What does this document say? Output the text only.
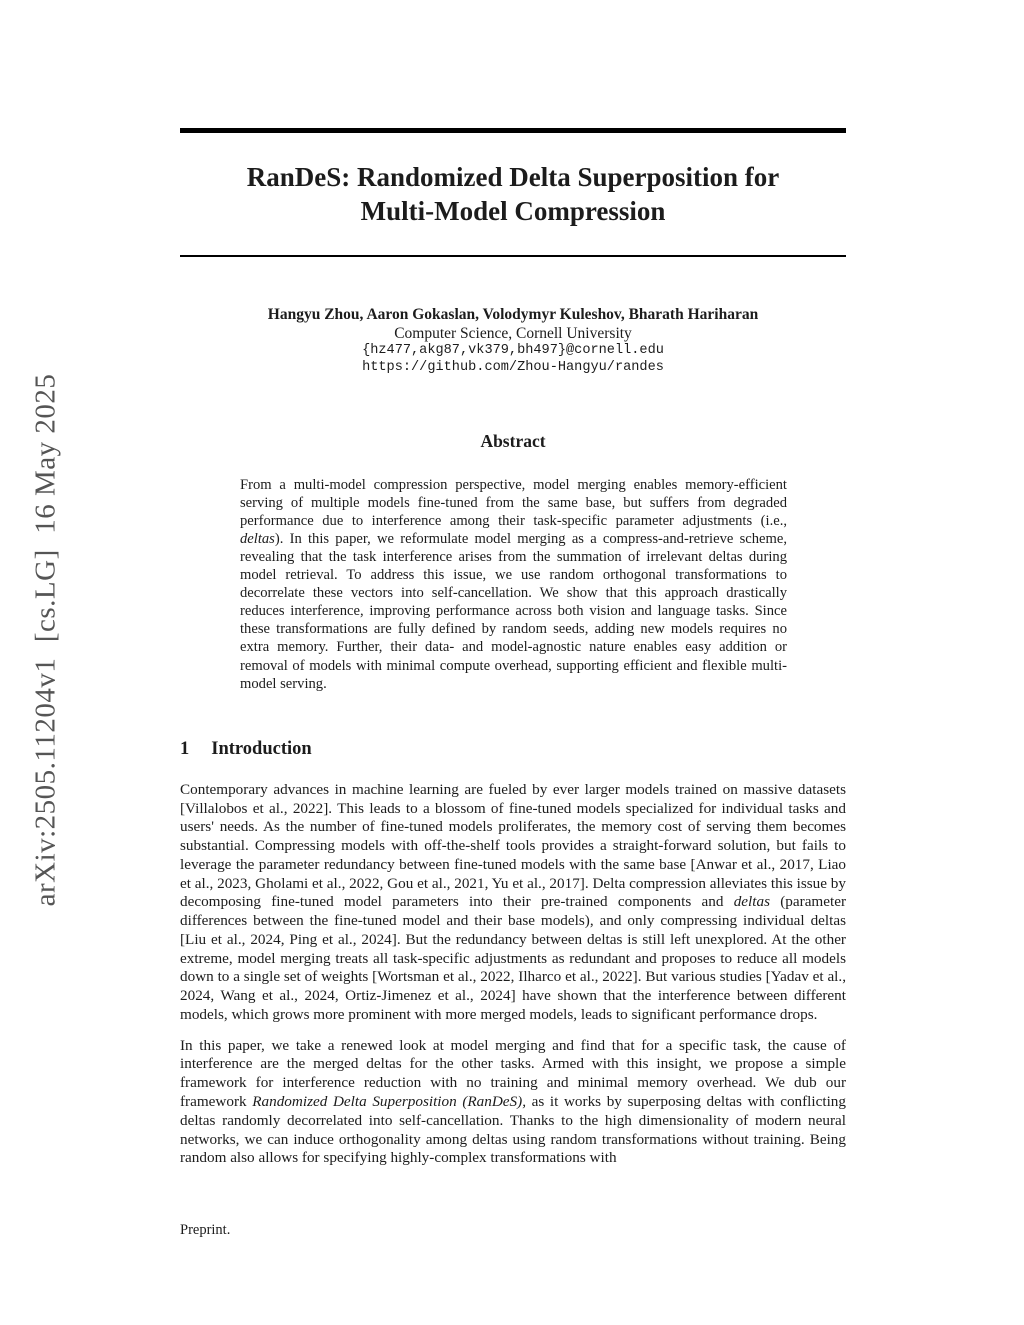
arXiv:2505.11204v1  [cs.LG]  16 May 2025
RanDeS: Randomized Delta Superposition for
Multi-Model Compression
Hangyu Zhou, Aaron Gokaslan, Volodymyr Kuleshov, Bharath Hariharan
Computer Science, Cornell University
{hz477,akg87,vk379,bh497}@cornell.edu
https://github.com/Zhou-Hangyu/randes
Abstract

From a multi-model compression perspective, model merging enables memory-efficient serving of multiple models fine-tuned from the same base, but suffers from degraded performance due to interference among their task-specific parameter adjustments (i.e., deltas). In this paper, we reformulate model merging as a compress-and-retrieve scheme, revealing that the task interference arises from the summation of irrelevant deltas during model retrieval. To address this issue, we use random orthogonal transformations to decorrelate these vectors into self-cancellation. We show that this approach drastically reduces interference, improving performance across both vision and language tasks. Since these transformations are fully defined by random seeds, adding new models requires no extra memory. Further, their data- and model-agnostic nature enables easy addition or removal of models with minimal compute overhead, supporting efficient and flexible multi-model serving.

1 Introduction

Contemporary advances in machine learning are fueled by ever larger models trained on massive datasets [Villalobos et al., 2022]. This leads to a blossom of fine-tuned models specialized for individual tasks and users' needs. As the number of fine-tuned models proliferates, the memory cost of serving them becomes substantial. Compressing models with off-the-shelf tools provides a straight-forward solution, but fails to leverage the parameter redundancy between fine-tuned models with the same base [Anwar et al., 2017, Liao et al., 2023, Gholami et al., 2022, Gou et al., 2021, Yu et al., 2017]. Delta compression alleviates this issue by decomposing fine-tuned model parameters into their pre-trained components and deltas (parameter differences between the fine-tuned model and their base models), and only compressing individual deltas [Liu et al., 2024, Ping et al., 2024]. But the redundancy between deltas is still left unexplored. At the other extreme, model merging treats all task-specific adjustments as redundant and proposes to reduce all models down to a single set of weights [Wortsman et al., 2022, Ilharco et al., 2022]. But various studies [Yadav et al., 2024, Wang et al., 2024, Ortiz-Jimenez et al., 2024] have shown that the interference between different models, which grows more prominent with more merged models, leads to significant performance drops.

In this paper, we take a renewed look at model merging and find that for a specific task, the cause of interference are the merged deltas for the other tasks. Armed with this insight, we propose a simple framework for interference reduction with no training and minimal memory overhead. We dub our framework Randomized Delta Superposition (RanDeS), as it works by superposing deltas with conflicting deltas randomly decorrelated into self-cancellation. Thanks to the high dimensionality of modern neural networks, we can induce orthogonality among deltas using random transformations without training. Being random also allows for specifying highly-complex transformations with

Preprint.
